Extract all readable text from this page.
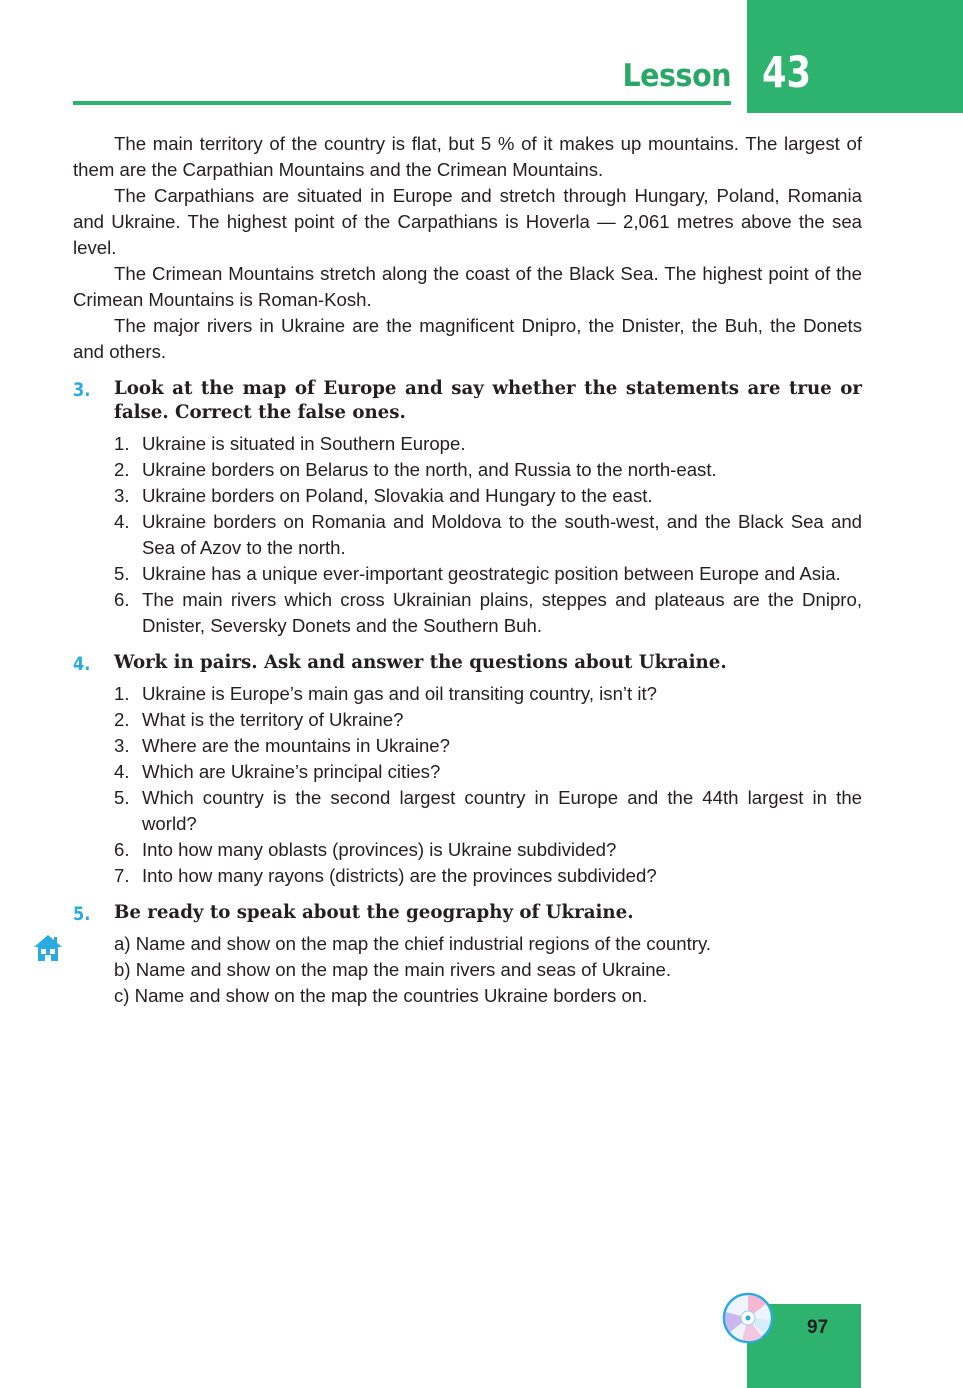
Lesson 43

The main territory of the country is flat, but 5 % of it makes up mountains. The largest of them are the Carpathian Mountains and the Crimean Mountains.

The Carpathians are situated in Europe and stretch through Hungary, Poland, Romania and Ukraine. The highest point of the Carpathians is Hoverla — 2,061 metres above the sea level.

The Crimean Mountains stretch along the coast of the Black Sea. The highest point of the Crimean Mountains is Roman-Kosh.

The major rivers in Ukraine are the magnificent Dnipro, the Dnister, the Buh, the Donets and others.

3. Look at the map of Europe and say whether the statements are true or false. Correct the false ones.

1. Ukraine is situated in Southern Europe.
2. Ukraine borders on Belarus to the north, and Russia to the north-east.
3. Ukraine borders on Poland, Slovakia and Hungary to the east.
4. Ukraine borders on Romania and Moldova to the south-west, and the Black Sea and Sea of Azov to the north.
5. Ukraine has a unique ever-important geostrategic position between Europe and Asia.
6. The main rivers which cross Ukrainian plains, steppes and plateaus are the Dnipro, Dnister, Seversky Donets and the Southern Buh.
4. Work in pairs. Ask and answer the questions about Ukraine.

1. Ukraine is Europe’s main gas and oil transiting country, isn’t it?
2. What is the territory of Ukraine?
3. Where are the mountains in Ukraine?
4. Which are Ukraine’s principal cities?
5. Which country is the second largest country in Europe and the 44th largest in the world?
6. Into how many oblasts (provinces) is Ukraine subdivided?
7. Into how many rayons (districts) are the provinces subdivided?
5. Be ready to speak about the geography of Ukraine.

a) Name and show on the map the chief industrial regions of the country.
b) Name and show on the map the main rivers and seas of Ukraine.
c) Name and show on the map the countries Ukraine borders on.
97
